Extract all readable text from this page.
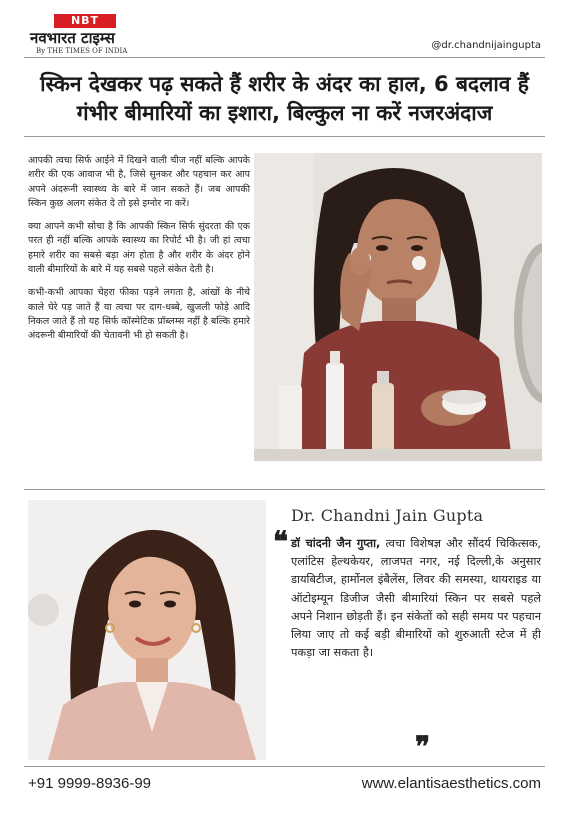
NBT
नवभारत टाइम्स
By THE TIMES OF INDIA	@dr.chandnijaingupta
स्किन देखकर पढ़ सकते हैं शरीर के अंदर का हाल, 6 बदलाव हैं गंभीर बीमारियों का इशारा, बिल्कुल ना करें नजरअंदाज

आपकी त्वचा सिर्फ आईने में दिखने वाली चीज नहीं बल्कि आपके शरीर की एक आवाज भी है, जिसे सुनकर और पहचान कर आप अपने अंदरूनी स्वास्थ्य के बारे में जान सकते हैं। जब आपकी स्किन कुछ अलग संकेत दे तो इसे इग्नोर ना करें।

क्या आपने कभी सोचा है कि आपकी स्किन सिर्फ सुंदरता की एक परत ही नहीं बल्कि आपके स्वास्थ्य का रिपोर्ट भी है। जी हां त्वचा हमारे शरीर का सबसे बड़ा अंग होता है और शरीर के अंदर होने वाली बीमारियों के बारे में यह सबसे पहले संकेत देती है।

कभी-कभी आपका चेहरा फीका पड़ने लगता है, आंखों के नीचे काले घेरे पड़ जाते हैं या त्वचा पर दाग-धब्बे, खुजली फोड़े आदि निकल जाते हैं तो यह सिर्फ कॉस्मेटिक प्रॉब्लम्स नहीं है बल्कि हमारे अंदरूनी बीमारियों की चेतावनी भी हो सकती है।

Dr. Chandni Jain Gupta
❝ डॉ चांदनी जैन गुप्ता, त्वचा विशेषज्ञ और सौंदर्य चिकित्सक, एलांटिस हेल्थकेयर, लाजपत नगर, नई दिल्ली,के अनुसार डायबिटीज, हार्मोनल इंबैलेंस, लिवर की समस्या, थायराइड या ऑटोइम्यून डिजीज जैसी बीमारियां स्किन पर सबसे पहले अपने निशान छोड़ती हैं। इन संकेतों को सही समय पर पहचान लिया जाए तो कई बड़ी बीमारियों को शुरुआती स्टेज में ही पकड़ा जा सकता है।
❞
+91 9999-8936-99	www.elantisaesthetics.com
